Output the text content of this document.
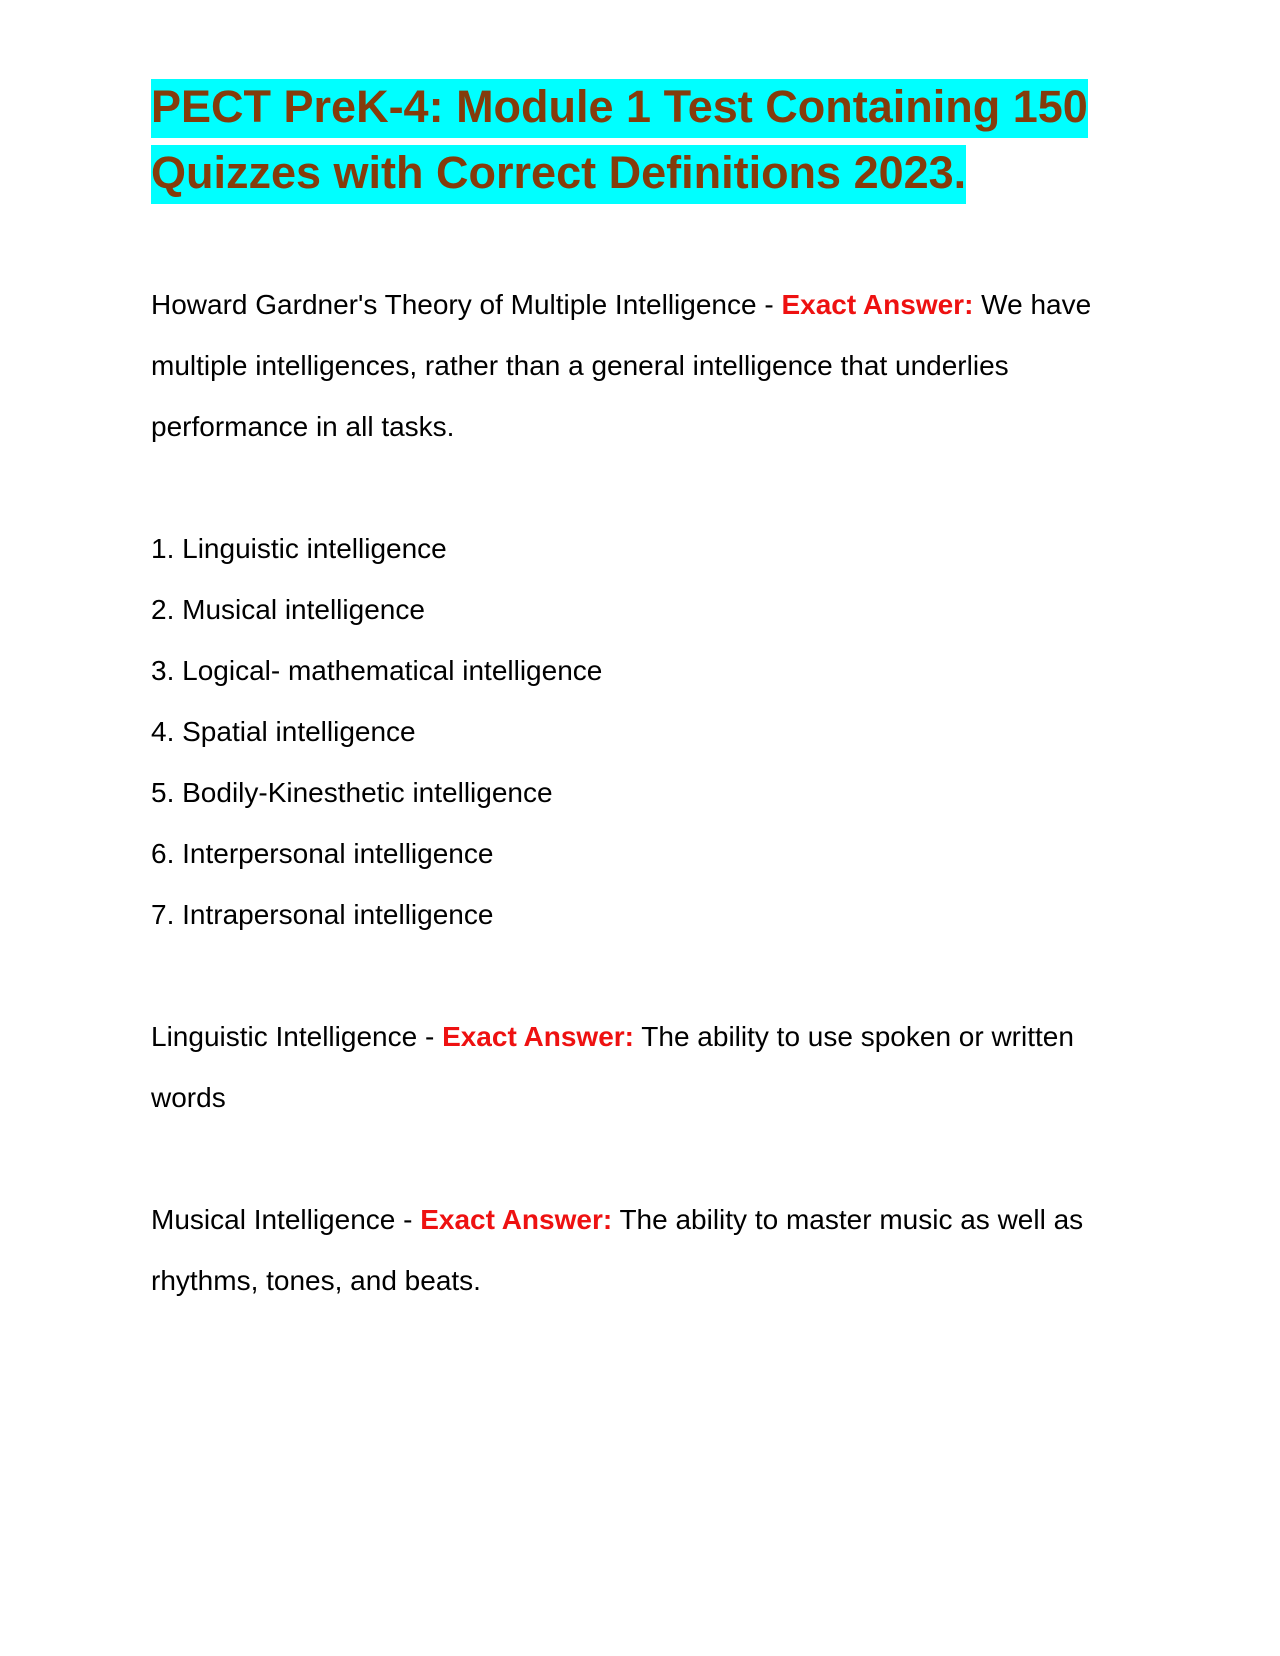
PECT PreK-4: Module 1 Test Containing 150 Quizzes with Correct Definitions 2023.

Howard Gardner's Theory of Multiple Intelligence - Exact Answer: We have multiple intelligences, rather than a general intelligence that underlies performance in all tasks.

1. Linguistic intelligence

2. Musical intelligence

3. Logical- mathematical intelligence

4. Spatial intelligence

5. Bodily-Kinesthetic intelligence

6. Interpersonal intelligence

7. Intrapersonal intelligence

Linguistic Intelligence - Exact Answer: The ability to use spoken or written words

Musical Intelligence - Exact Answer: The ability to master music as well as rhythms, tones, and beats.
